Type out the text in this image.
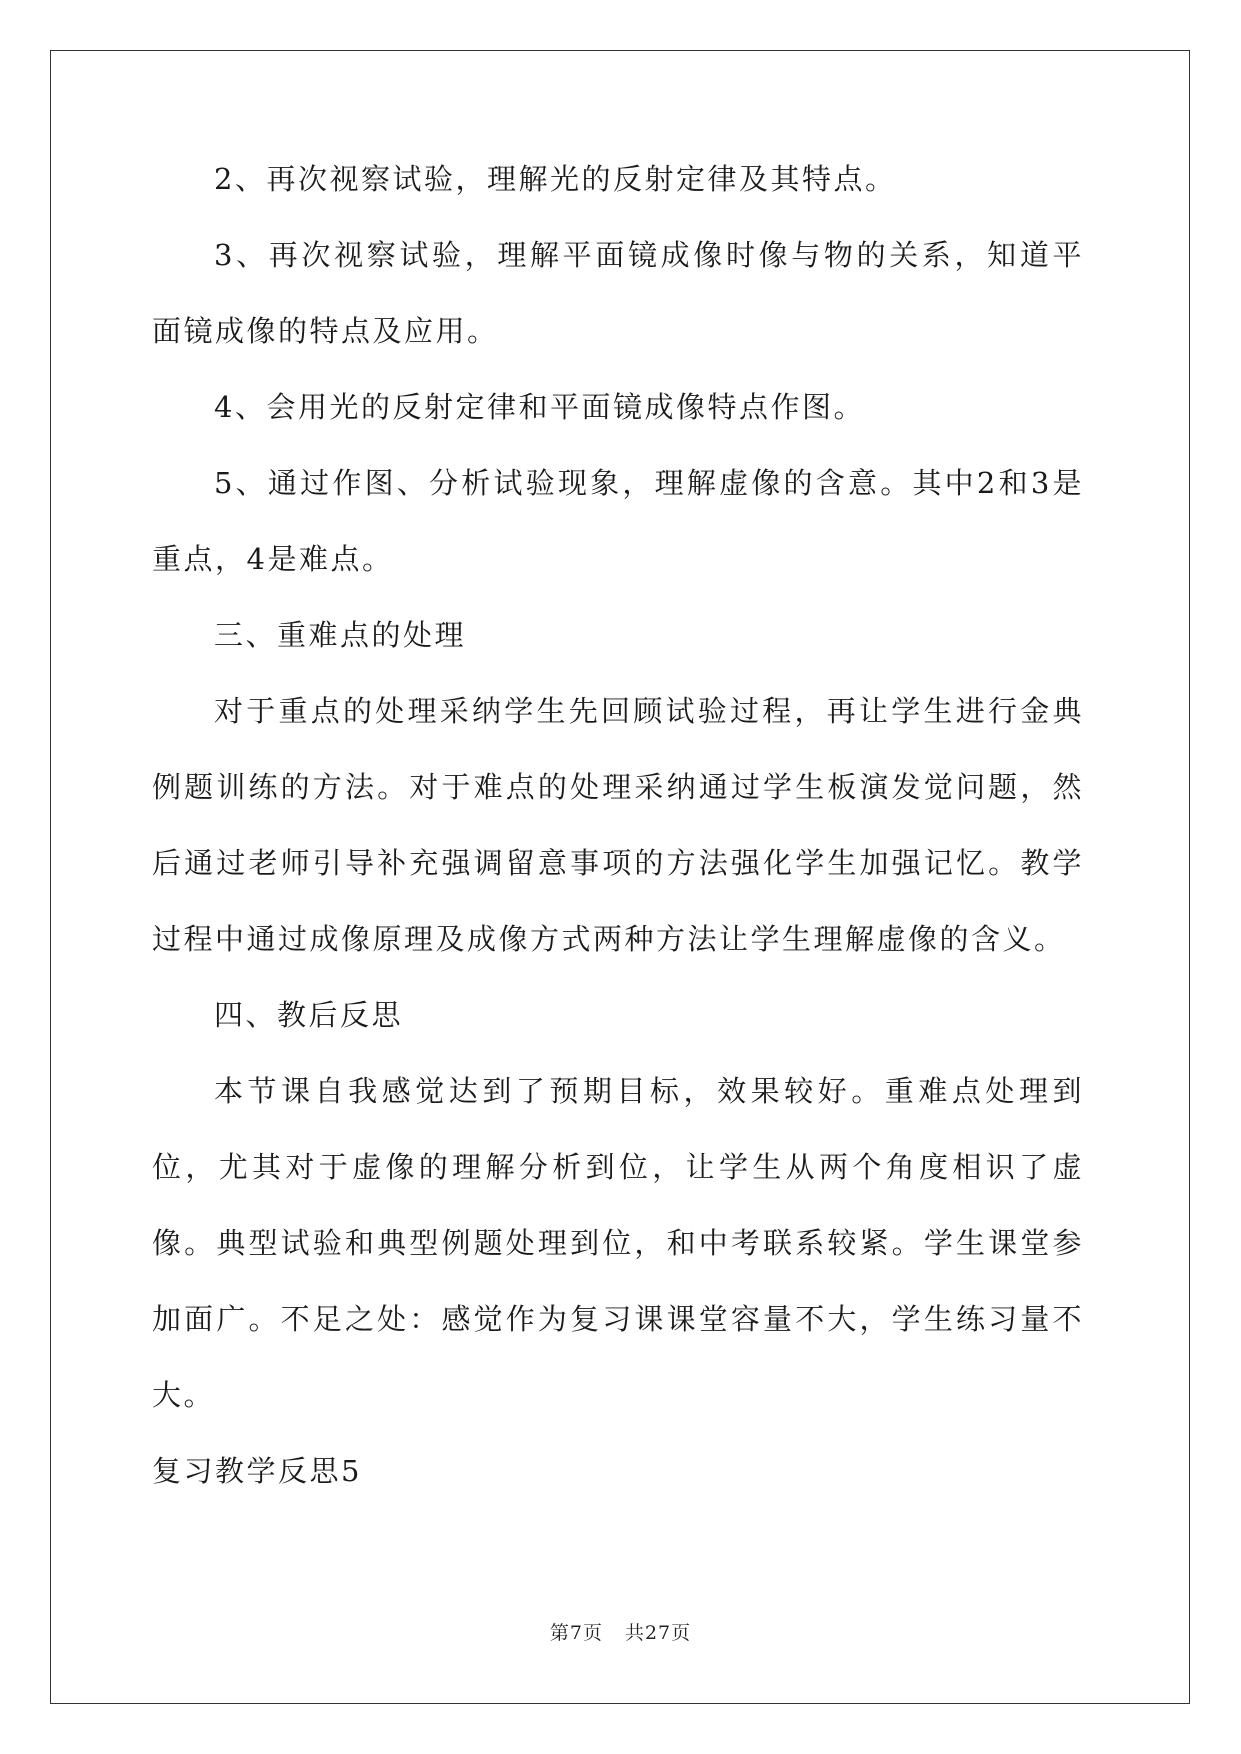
2、再次视察试验，理解光的反射定律及其特点。

3、再次视察试验，理解平面镜成像时像与物的关系，知道平面镜成像的特点及应用。

4、会用光的反射定律和平面镜成像特点作图。

5、通过作图、分析试验现象，理解虚像的含意。其中2和3是重点，4是难点。

三、重难点的处理

对于重点的处理采纳学生先回顾试验过程，再让学生进行金典例题训练的方法。对于难点的处理采纳通过学生板演发觉问题，然后通过老师引导补充强调留意事项的方法强化学生加强记忆。教学过程中通过成像原理及成像方式两种方法让学生理解虚像的含义。

四、教后反思

本节课自我感觉达到了预期目标，效果较好。重难点处理到位，尤其对于虚像的理解分析到位，让学生从两个角度相识了虚像。典型试验和典型例题处理到位，和中考联系较紧。学生课堂参加面广。不足之处：感觉作为复习课课堂容量不大，学生练习量不大。

复习教学反思5

第7页 共27页
